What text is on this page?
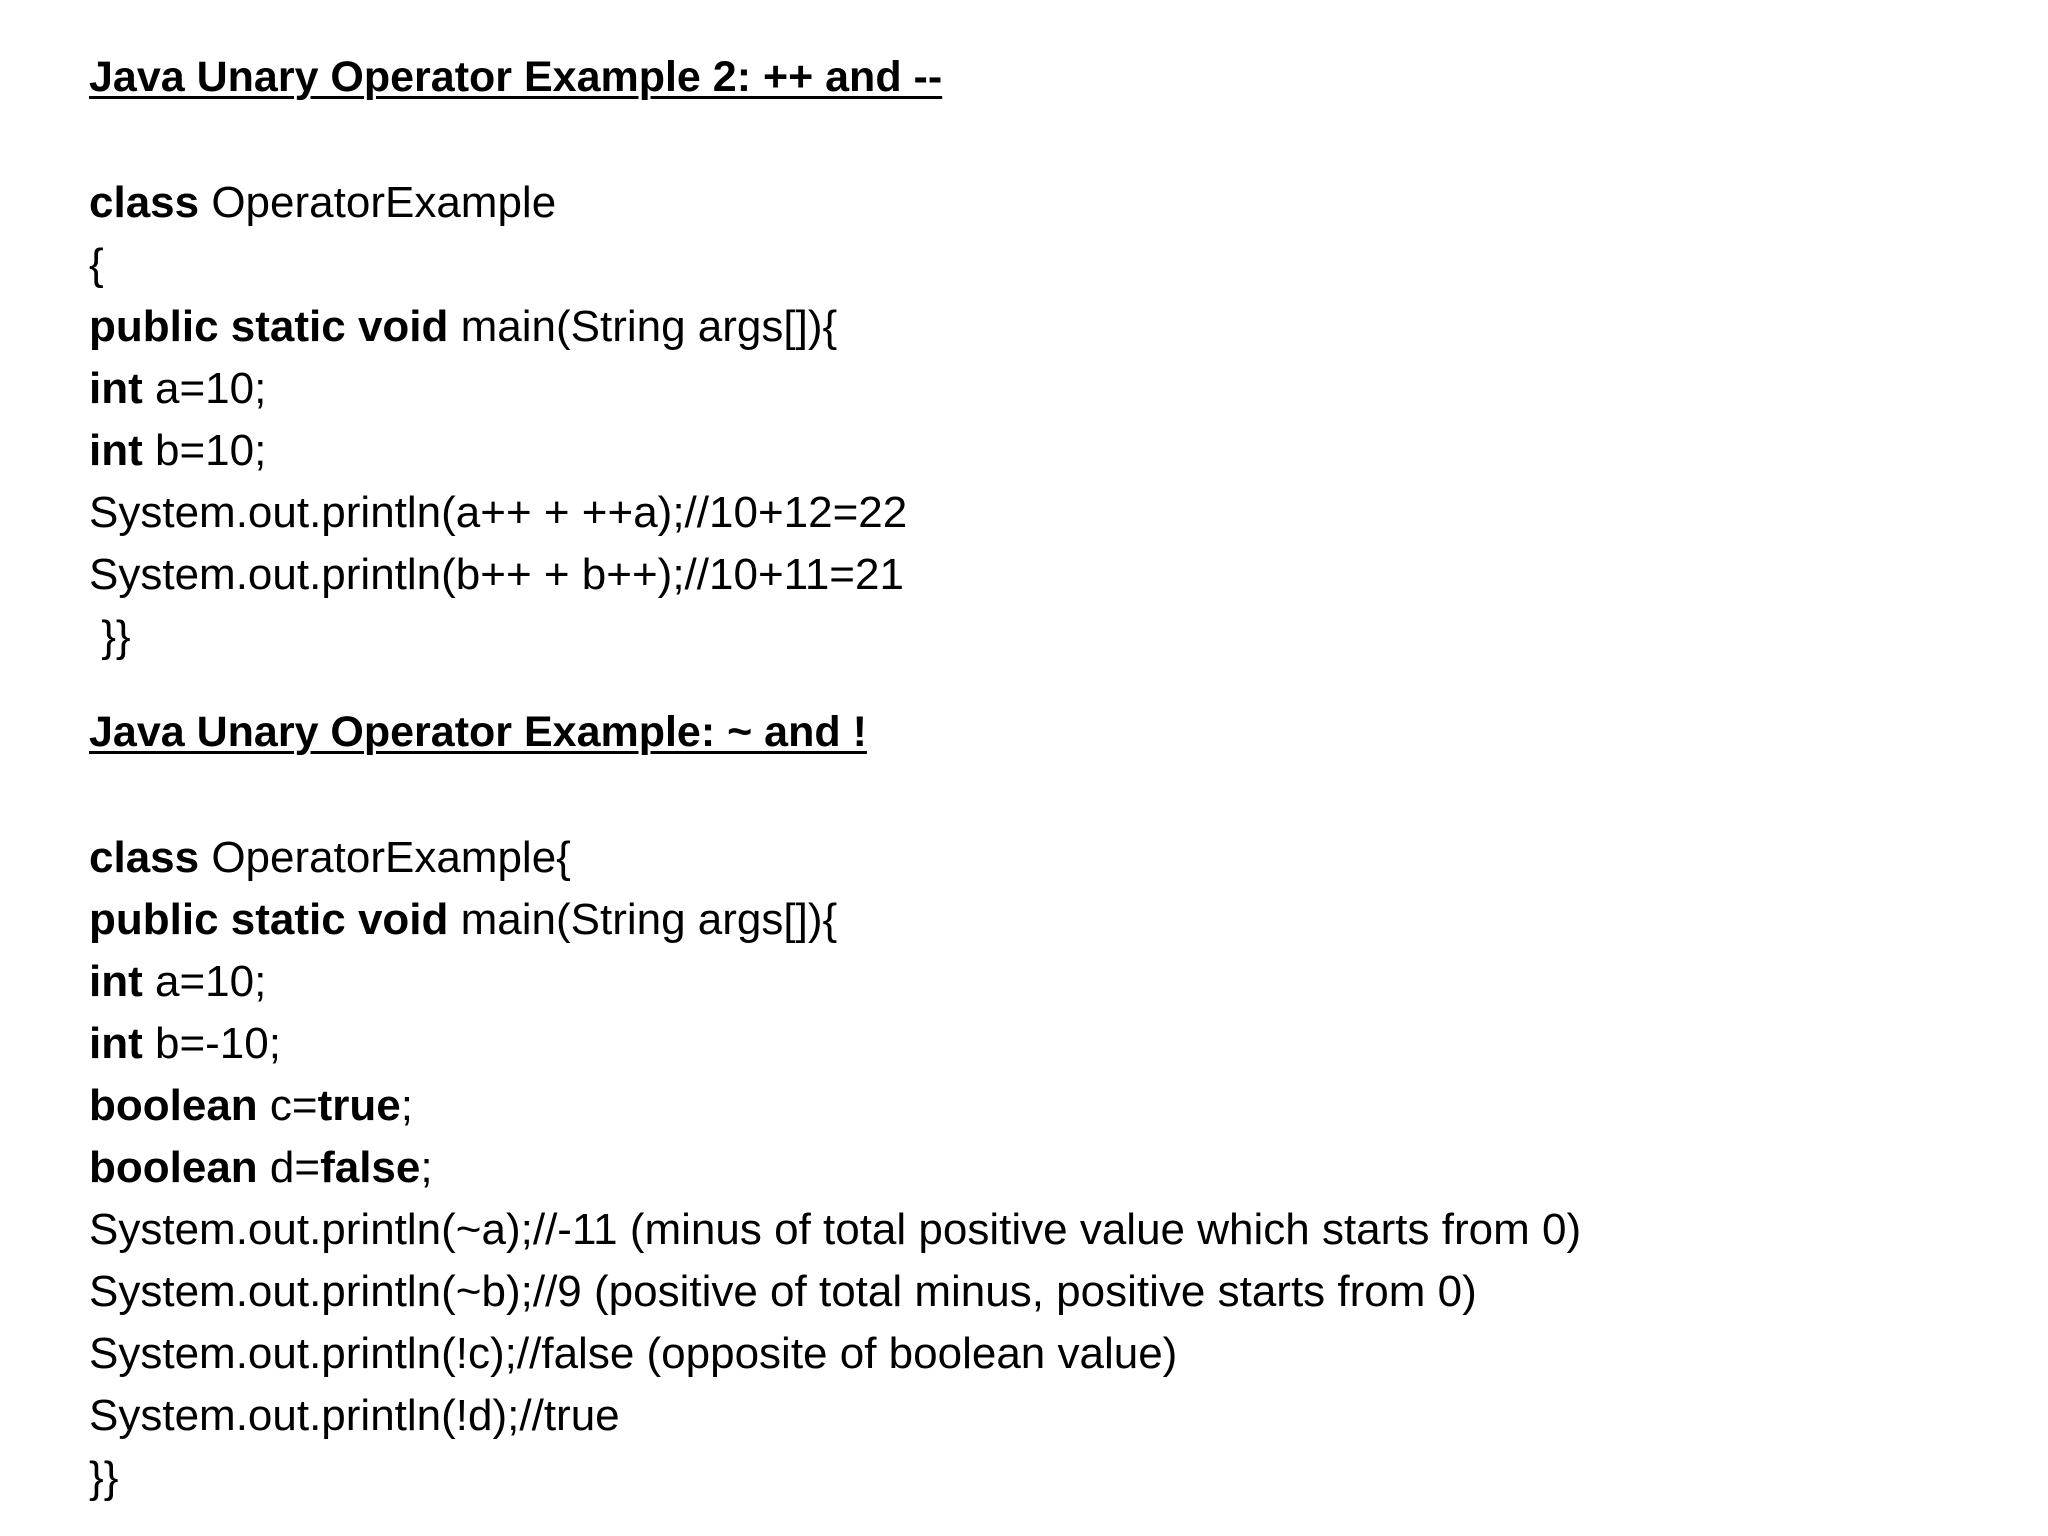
Java Unary Operator Example 2: ++ and --
class OperatorExample
{
public static void main(String args[]){
int a=10;
int b=10;
System.out.println(a++ + ++a);//10+12=22
System.out.println(b++ + b++);//10+11=21
}}
Java Unary Operator Example: ~ and !
class OperatorExample{
public static void main(String args[]){
int a=10;
int b=-10;
boolean c=true;
boolean d=false;
System.out.println(~a);//-11 (minus of total positive value which starts from 0)
System.out.println(~b);//9 (positive of total minus, positive starts from 0)
System.out.println(!c);//false (opposite of boolean value)
System.out.println(!d);//true
}}
